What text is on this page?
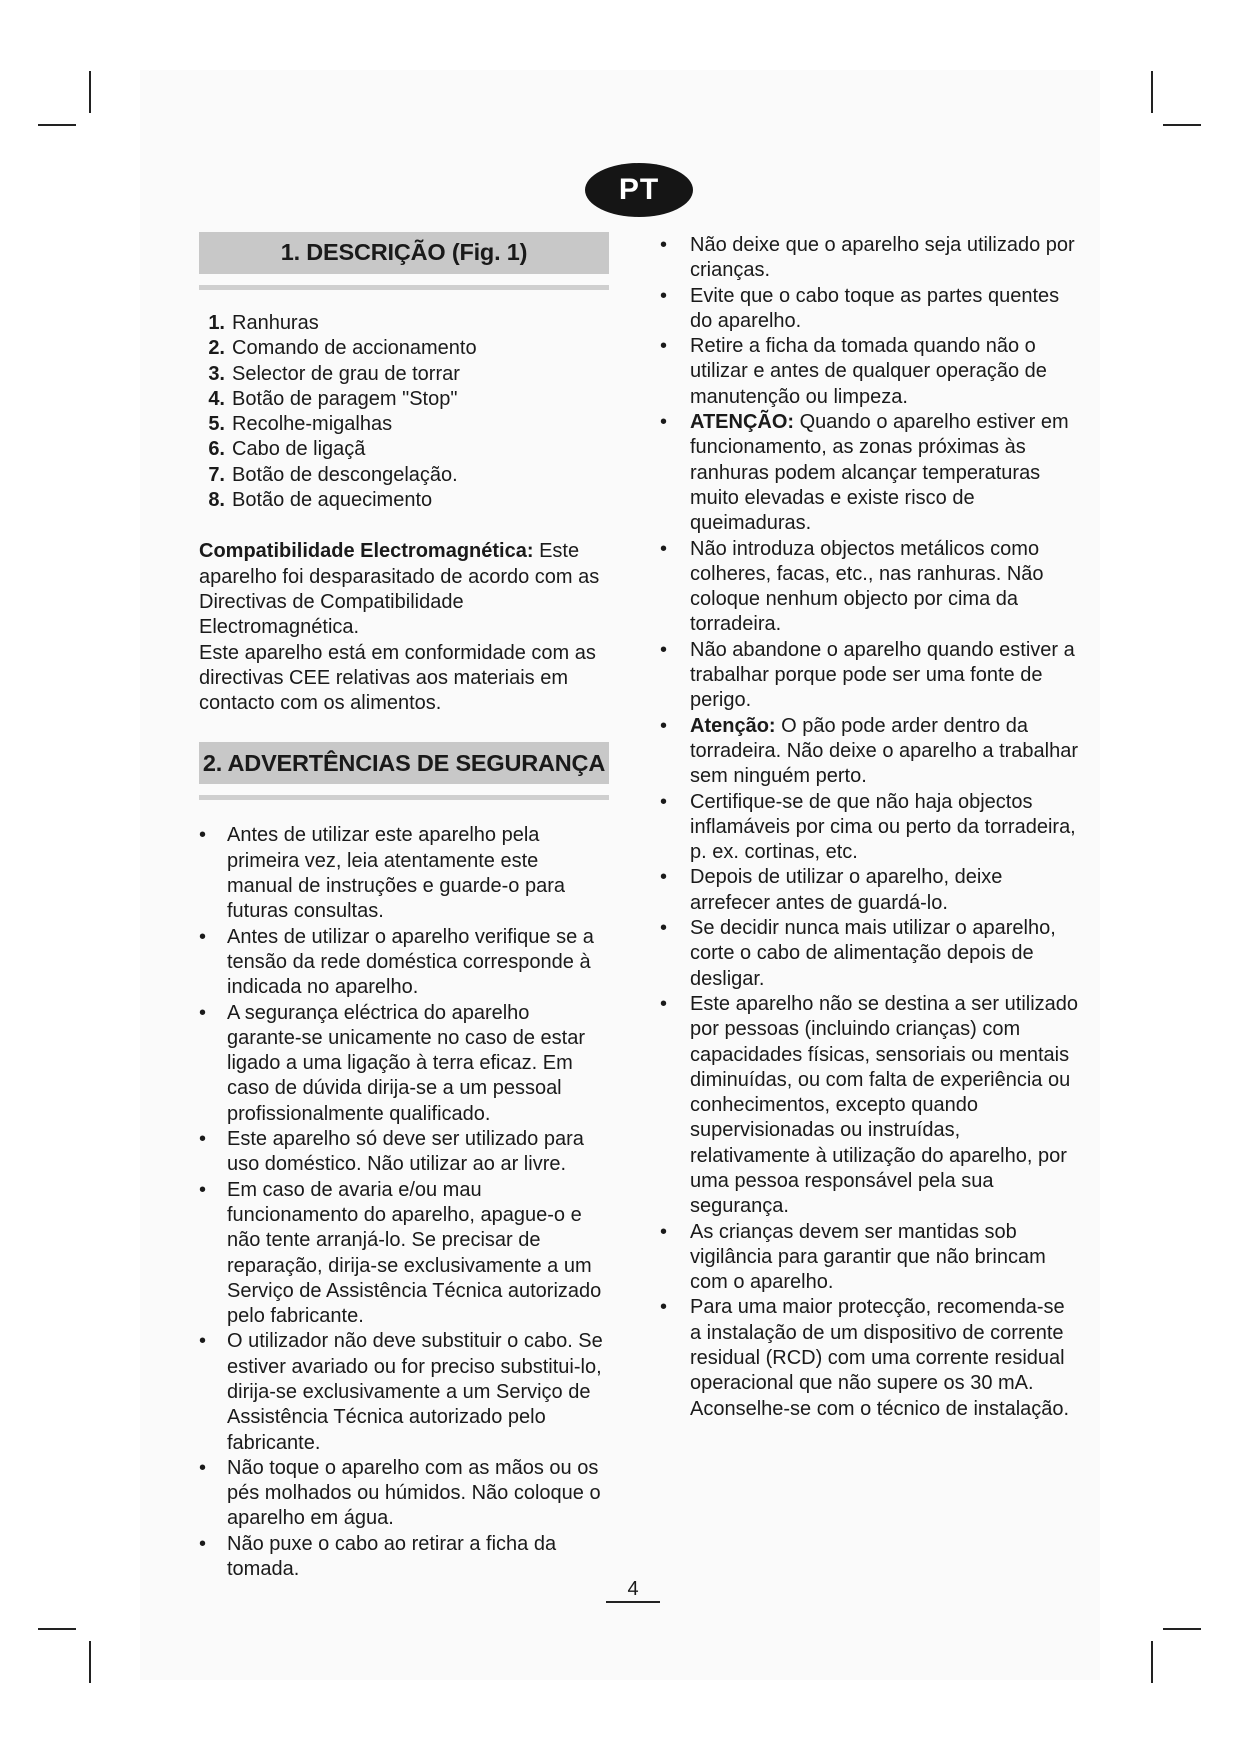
PT
1. DESCRIÇÃO (Fig. 1)
1. Ranhuras
2. Comando de accionamento
3. Selector de grau de torrar
4. Botão de paragem "Stop"
5. Recolhe-migalhas
6. Cabo de ligaçã
7. Botão de descongelação.
8. Botão de aquecimento

Compatibilidade Electromagnética: Este aparelho foi desparasitado de acordo com as Directivas de Compatibilidade Electromagnética.

Este aparelho está em conformidade com as directivas CEE relativas aos materiais em contacto com os alimentos.

2. ADVERTÊNCIAS DE SEGURANÇA
• Antes de utilizar este aparelho pela primeira vez, leia atentamente este manual de instruções e guarde-o para futuras consultas.
• Antes de utilizar o aparelho verifique se a tensão da rede doméstica corresponde à indicada no aparelho.
• A segurança eléctrica do aparelho garante-se unicamente no caso de estar ligado a uma ligação à terra eficaz. Em caso de dúvida dirija-se a um pessoal profissionalmente qualificado.
• Este aparelho só deve ser utilizado para uso doméstico. Não utilizar ao ar livre.
• Em caso de avaria e/ou mau funcionamento do aparelho, apague-o e não tente arranjá-lo. Se precisar de reparação, dirija-se exclusivamente a um Serviço de Assistência Técnica autorizado pelo fabricante.
• O utilizador não deve substituir o cabo. Se estiver avariado ou for preciso substitui-lo, dirija-se exclusivamente a um Serviço de Assistência Técnica autorizado pelo fabricante.
• Não toque o aparelho com as mãos ou os pés molhados ou húmidos. Não coloque o aparelho em água.
• Não puxe o cabo ao retirar a ficha da tomada.
• Não deixe que o aparelho seja utilizado por crianças.
• Evite que o cabo toque as partes quentes do aparelho.
• Retire a ficha da tomada quando não o utilizar e antes de qualquer operação de manutenção ou limpeza.
• ATENÇÃO: Quando o aparelho estiver em funcionamento, as zonas próximas às ranhuras podem alcançar temperaturas muito elevadas e existe risco de queimaduras.
• Não introduza objectos metálicos como colheres, facas, etc., nas ranhuras. Não coloque nenhum objecto por cima da torradeira.
• Não abandone o aparelho quando estiver a trabalhar porque pode ser uma fonte de perigo.
• Atenção: O pão pode arder dentro da torradeira. Não deixe o aparelho a trabalhar sem ninguém perto.
• Certifique-se de que não haja objectos inflamáveis por cima ou perto da torradeira, p. ex. cortinas, etc.
• Depois de utilizar o aparelho, deixe arrefecer antes de guardá-lo.
• Se decidir nunca mais utilizar o aparelho, corte o cabo de alimentação depois de desligar.
• Este aparelho não se destina a ser utilizado por pessoas (incluindo crianças) com capacidades físicas, sensoriais ou mentais diminuídas, ou com falta de experiência ou conhecimentos, excepto quando supervisionadas ou instruídas, relativamente à utilização do aparelho, por uma pessoa responsável pela sua segurança.
• As crianças devem ser mantidas sob vigilância para garantir que não brincam com o aparelho.
• Para uma maior protecção, recomenda-se a instalação de um dispositivo de corrente residual (RCD) com uma corrente residual operacional que não supere os 30 mA. Aconselhe-se com o técnico de instalação.
4
